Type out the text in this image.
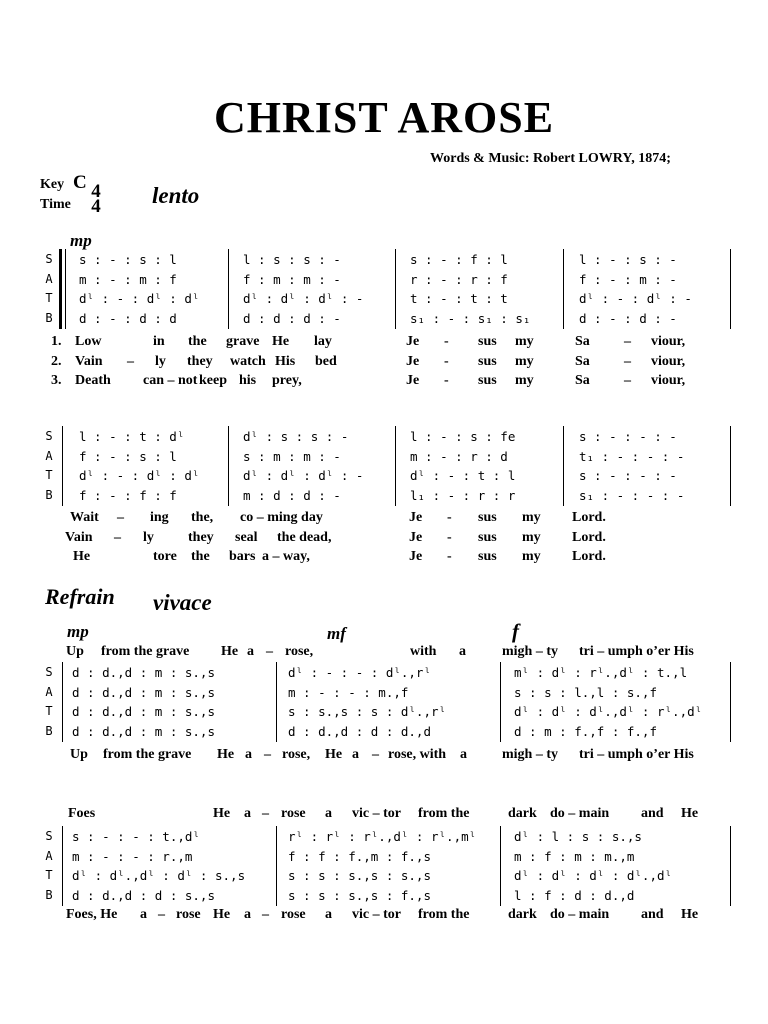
CHRIST AROSE
Words & Music: Robert LOWRY, 1874;
Key C
Time
4
4 lento
mp
S
A
T
B
s : - : s : l	l : s : s : -	s : - : f : l	l : - : s : -
m : - : m : f	f : m : m : -	r : - : r : f	f : - : m : -
dˡ : - : dˡ : dˡ	dˡ : dˡ : dˡ : -	t : - : t : t	dˡ : - : dˡ : -
d : - : d : d	d : d : d : -	s₁ : - : s₁ : s₁	d : - : d : -
1. Low	in the grave He lay	Je - sus my	Sa – viour,
2. Vain – ly they watch His bed	Je - sus my	Sa – viour,
3. Death can – not keep his prey,	Je - sus my	Sa – viour,
S
A
T
B
l : - : t : dˡ	dˡ : s : s : -	l : - : s : fe	s : - : - : -
f : - : s : l	s : m : m : -	m : - : r : d	t₁ : - : - : -
dˡ : - : dˡ : dˡ	dˡ : dˡ : dˡ : -	dˡ : - : t : l	s : - : - : -
f : - : f : f	m : d : d : -	l₁ : - : r : r	s₁ : - : - : -
Wait – ing the, co – ming day	Je - sus my Lord.
Vain – ly they seal the dead,	Je - sus my Lord.
He	tore the bars a – way,	Je - sus my Lord.
Refrain vivace
mp	mf	f
Up from the grave He a – rose,	with a	migh – ty tri – umph o’er His
S
A
T
B
d : d.,d : m : s.,s	dˡ : - : - : dˡ.,rˡ	mˡ : dˡ : rˡ.,dˡ : t.,l
d : d.,d : m : s.,s	m : - : - : m.,f	s : s : l.,l : s.,f
d : d.,d : m : s.,s	s : s.,s : s : dˡ.,rˡ	dˡ : dˡ : dˡ.,dˡ : rˡ.,dˡ
d : d.,d : m : s.,s	d : d.,d : d : d.,d	d : m : f.,f : f.,f
Up from the grave He a – rose, He a – rose, with a	migh – ty tri – umph o’er His
Foes	He a – rose a vic – tor from the	dark do – main and He
S
A
T
B
s : - : - : t.,dˡ	rˡ : rˡ : rˡ.,dˡ : rˡ.,mˡ	dˡ : l : s : s.,s
m : - : - : r.,m	f : f : f.,m : f.,s	m : f : m : m.,m
dˡ : dˡ.,dˡ : dˡ : s.,s	s : s : s.,s : s.,s	dˡ : dˡ : dˡ : dˡ.,dˡ
d : d.,d : d : s.,s	s : s : s.,s : f.,s	l : f : d : d.,d
Foes, He a – rose He a – rose a vic – tor from the	dark do – main and He
